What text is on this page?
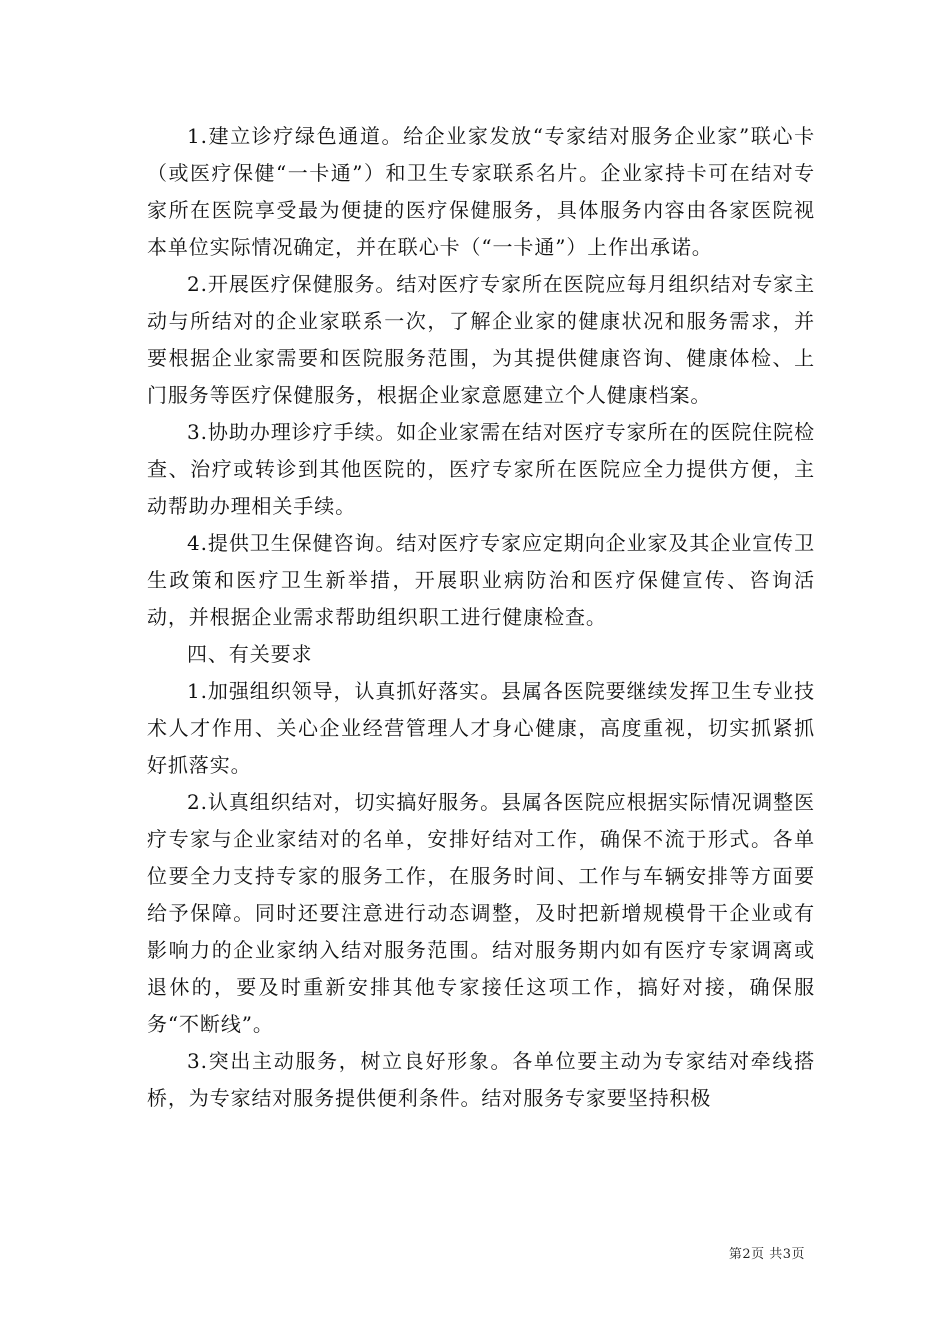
1.建立诊疗绿色通道。给企业家发放“专家结对服务企业家”联心卡（或医疗保健“一卡通”）和卫生专家联系名片。企业家持卡可在结对专家所在医院享受最为便捷的医疗保健服务，具体服务内容由各家医院视本单位实际情况确定，并在联心卡（“一卡通”）上作出承诺。

2.开展医疗保健服务。结对医疗专家所在医院应每月组织结对专家主动与所结对的企业家联系一次，了解企业家的健康状况和服务需求，并要根据企业家需要和医院服务范围，为其提供健康咨询、健康体检、上门服务等医疗保健服务，根据企业家意愿建立个人健康档案。

3.协助办理诊疗手续。如企业家需在结对医疗专家所在的医院住院检查、治疗或转诊到其他医院的，医疗专家所在医院应全力提供方便，主动帮助办理相关手续。

4.提供卫生保健咨询。结对医疗专家应定期向企业家及其企业宣传卫生政策和医疗卫生新举措，开展职业病防治和医疗保健宣传、咨询活动，并根据企业需求帮助组织职工进行健康检查。

四、有关要求

1.加强组织领导，认真抓好落实。县属各医院要继续发挥卫生专业技术人才作用、关心企业经营管理人才身心健康，高度重视，切实抓紧抓好抓落实。

2.认真组织结对，切实搞好服务。县属各医院应根据实际情况调整医疗专家与企业家结对的名单，安排好结对工作，确保不流于形式。各单位要全力支持专家的服务工作，在服务时间、工作与车辆安排等方面要给予保障。同时还要注意进行动态调整，及时把新增规模骨干企业或有影响力的企业家纳入结对服务范围。结对服务期内如有医疗专家调离或退休的，要及时重新安排其他专家接任这项工作，搞好对接，确保服务“不断线”。

3.突出主动服务，树立良好形象。各单位要主动为专家结对牵线搭桥，为专家结对服务提供便利条件。结对服务专家要坚持积极

第2页 共3页
